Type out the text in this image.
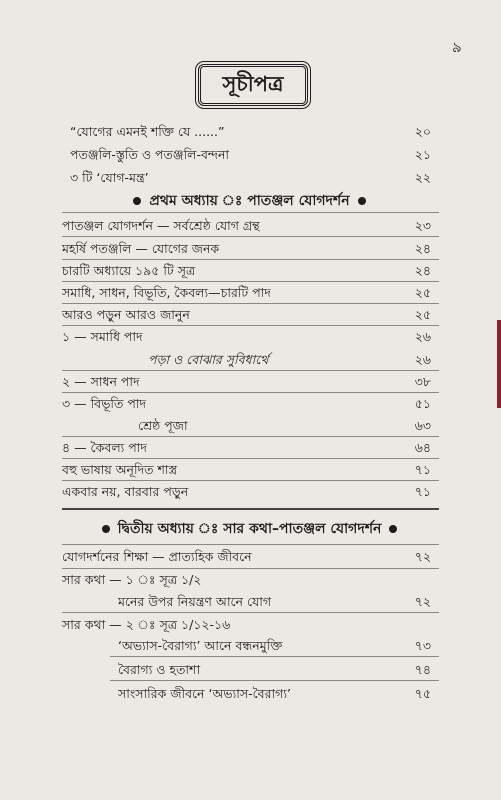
৯
সূচীপত্র
“যোগের এমনই শক্তি যে ......”	২০
পতঞ্জলি-স্তুতি ও পতঞ্জলি-বন্দনা	২১
৩ টি ‘যোগ-মন্ত্র’	২২
প্রথম অধ্যায় ঃ পাতঞ্জল যোগদর্শন
পাতঞ্জল যোগদর্শন — সর্বশ্রেষ্ঠ যোগ গ্রন্থ	২৩
মহর্ষি পতঞ্জলি — যোগের জনক	২৪
চারটি অধ্যায়ে ১৯৫ টি সূত্র	২৪
সমাধি, সাধন, বিভূতি, কৈবল্য—চারটি পাদ	২৫
আরও পড়ুন আরও জানুন	২৫
১ — সমাধি পাদ	২৬
পড়া ও বোঝার সুবিধার্থে	২৬
২ — সাধন পাদ	৩৮
৩ — বিভূতি পাদ	৫১
শ্রেষ্ঠ পূজা	৬৩
৪ — কৈবল্য পাদ	৬৪
বহু ভাষায় অনূদিত শাস্ত্র	৭১
একবার নয়, বারবার পড়ুন	৭১
দ্বিতীয় অধ্যায় ঃ সার কথা–পাতঞ্জল যোগদর্শন
যোগদর্শনের শিক্ষা — প্রাত্যহিক জীবনে	৭২
সার কথা — ১ ঃ সূত্র ১/২
মনের উপর নিয়ন্ত্রণ আনে যোগ	৭২
সার কথা — ২ ঃ সূত্র ১/১২-১৬
‘অভ্যাস-বৈরাগ্য’ আনে বন্ধনমুক্তি	৭৩
বৈরাগ্য ও হতাশা	৭৪
সাংসারিক জীবনে ‘অভ্যাস-বৈরাগ্য’	৭৫
